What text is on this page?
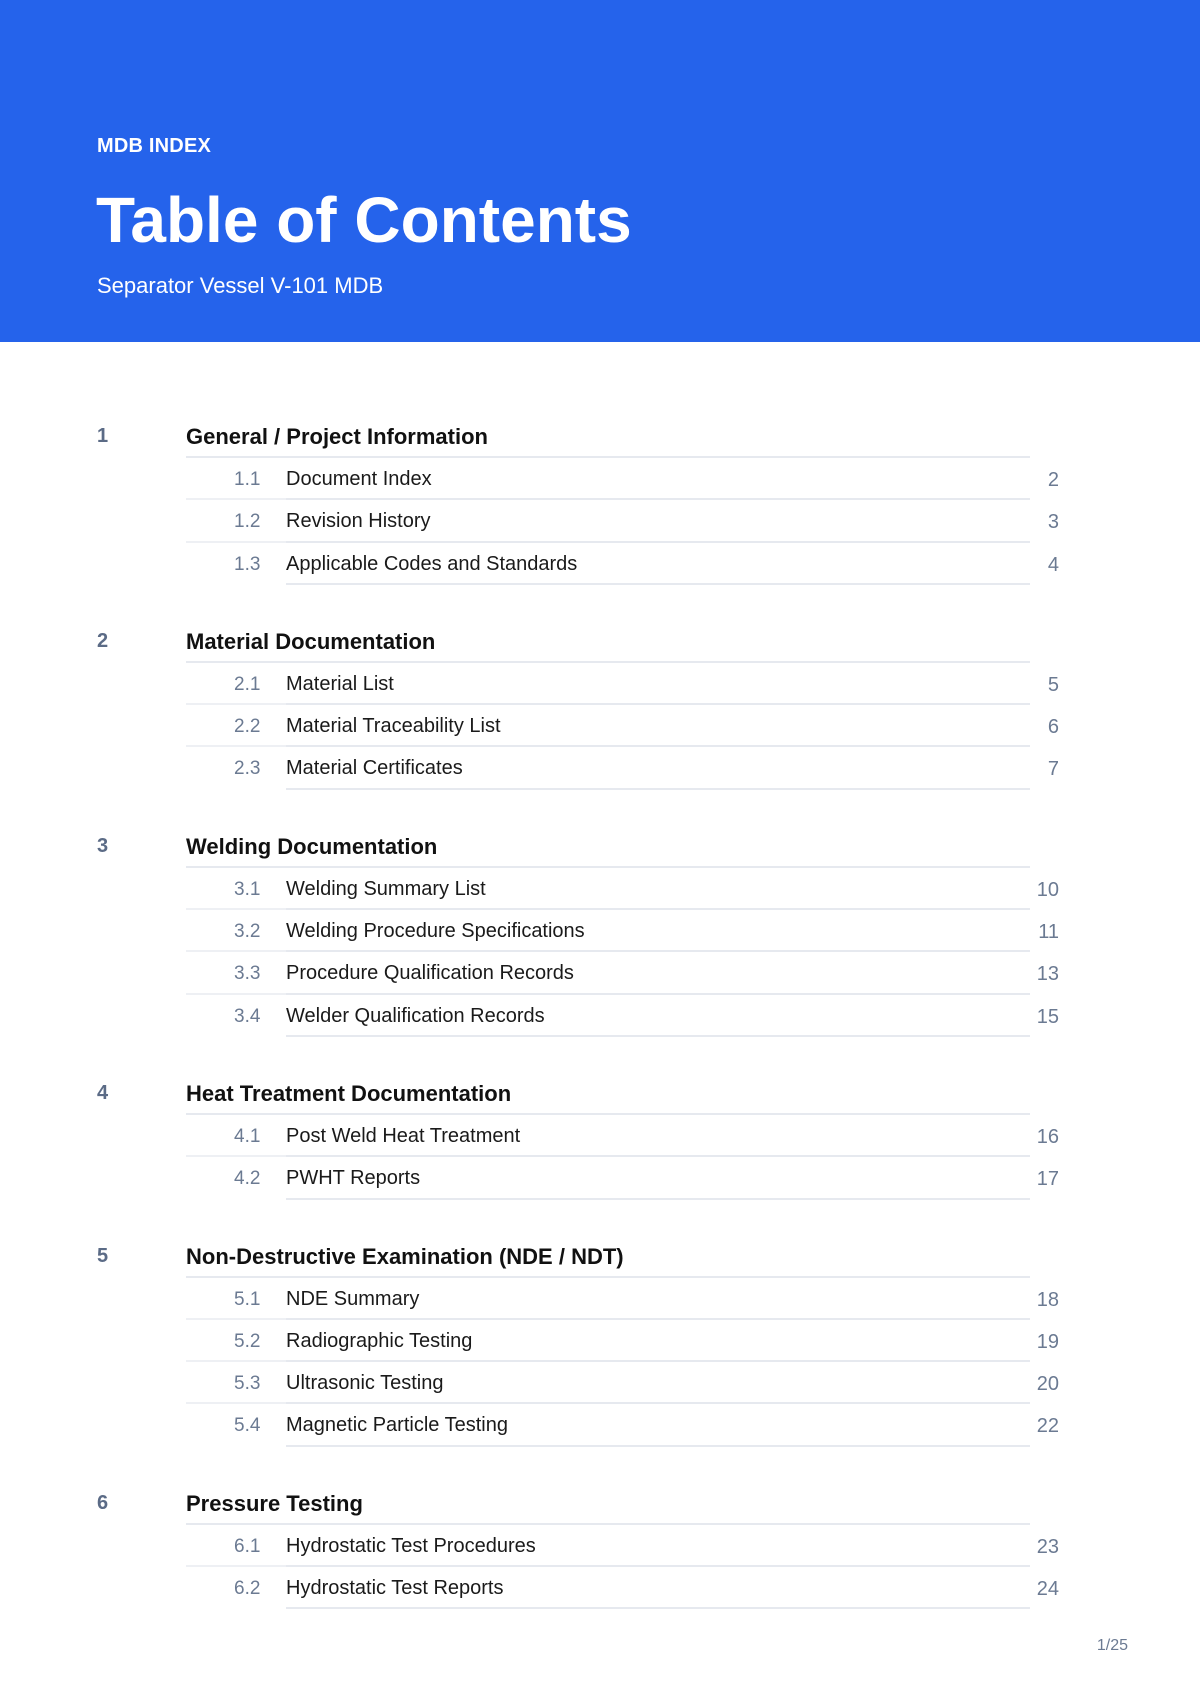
MDB INDEX
Table of Contents
Separator Vessel V-101 MDB
1	General / Project Information
1.1 Document Index	2
1.2 Revision History	3
1.3 Applicable Codes and Standards	4
2	Material Documentation
2.1 Material List	5
2.2 Material Traceability List	6
2.3 Material Certificates	7
3	Welding Documentation
3.1 Welding Summary List	10
3.2 Welding Procedure Specifications	11
3.3 Procedure Qualification Records	13
3.4 Welder Qualification Records	15
4	Heat Treatment Documentation
4.1 Post Weld Heat Treatment	16
4.2 PWHT Reports	17
5	Non-Destructive Examination (NDE / NDT)
5.1 NDE Summary	18
5.2 Radiographic Testing	19
5.3 Ultrasonic Testing	20
5.4 Magnetic Particle Testing	22
6	Pressure Testing
6.1 Hydrostatic Test Procedures	23
6.2 Hydrostatic Test Reports	24
1/25
